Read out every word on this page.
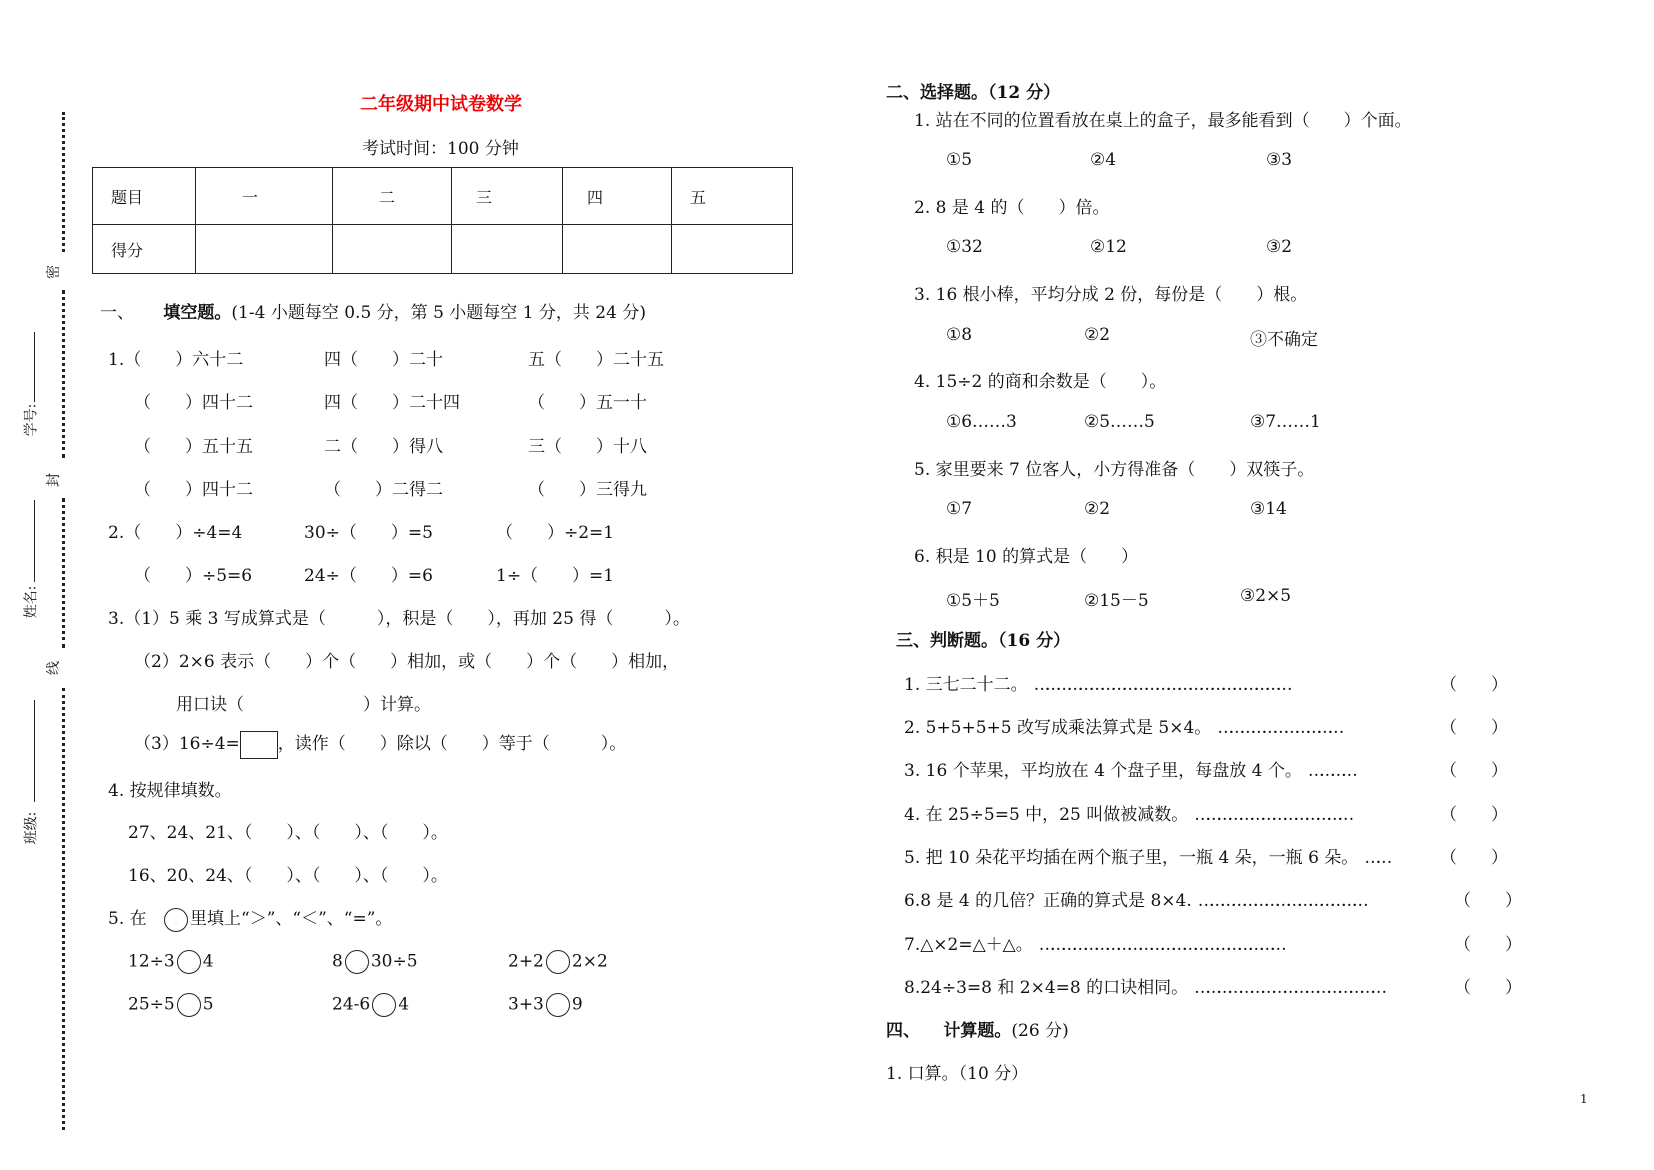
密
封
线
学号:
姓名:
班级:
二年级期中试卷数学
考试时间：100 分钟
题目	一	二	三	四	五
得分					
一、 填空题。(1-4 小题每空 0.5 分，第 5 小题每空 1 分，共 24 分)
1.（　　）六十二	四（　　）二十	五（　　）二十五
（　　）四十二	四（　　）二十四	（　　）五一十
（　　）五十五	二（　　）得八	三（　　）十八
（　　）四十二	（　　）二得二	（　　）三得九
2.（　　）÷4=4	30÷（　　）=5	（　　）÷2=1
（　　）÷5=6	24÷（　　）=6	1÷（　　）=1
3.（1）5 乘 3 写成算式是（　　　），积是（　　），再加 25 得（　　　）。
（2）2×6 表示（　　）个（　　）相加，或（　　）个（　　）相加，
用口诀（　　　　　　　）计算。
（3）16÷4= ，读作（　　）除以（　　）等于（　　　）。
4. 按规律填数。
27、24、21、（　　）、（　　）、（　　）。
16、20、24、（　　）、（　　）、（　　）。
5. 在	里填上“＞”、“＜”、“=”。
12÷3 4	8 30÷5	2+2 2×2
25÷5 5	24-6 4	3+3 9
二、选择题。（12 分）
1. 站在不同的位置看放在桌上的盒子，最多能看到（　　）个面。
①5	②4	③3
2. 8 是 4 的（　　）倍。
①32	②12	③2
3. 16 根小棒，平均分成 2 份，每份是（　　）根。
①8	②2	③不确定
4. 15÷2 的商和余数是（　　）。
①6……3	②5……5	③7……1
5. 家里要来 7 位客人，小方得准备（　　）双筷子。
①7	②2	③14
6. 积是 10 的算式是（　　）
①5＋5	②15－5	③2×5
三、判断题。（16 分）
1. 三七二十二。 ……………………………………………………………	（　　）
2. 5+5+5+5 改写成乘法算式是 5×4。 ……………………………	（　　）
3. 16 个苹果，平均放在 4 个盘子里，每盘放 4 个。 …………	（　　）
4. 在 25÷5=5 中，25 叫做被减数。 ……………………………………	（　　）
5. 把 10 朵花平均插在两个瓶子里，一瓶 4 朵，一瓶 6 朵。 ……	（　　）
6.8 是 4 的几倍？正确的算式是 8×4. ………………………………………	（　　）
7.△×2=△＋△。 …………………………………………………………	（　　）
8.24÷3=8 和 2×4=8 的口诀相同。 ……………………………………………	（　　）
四、 计算题。(26 分)
1. 口算。（10 分）
1
